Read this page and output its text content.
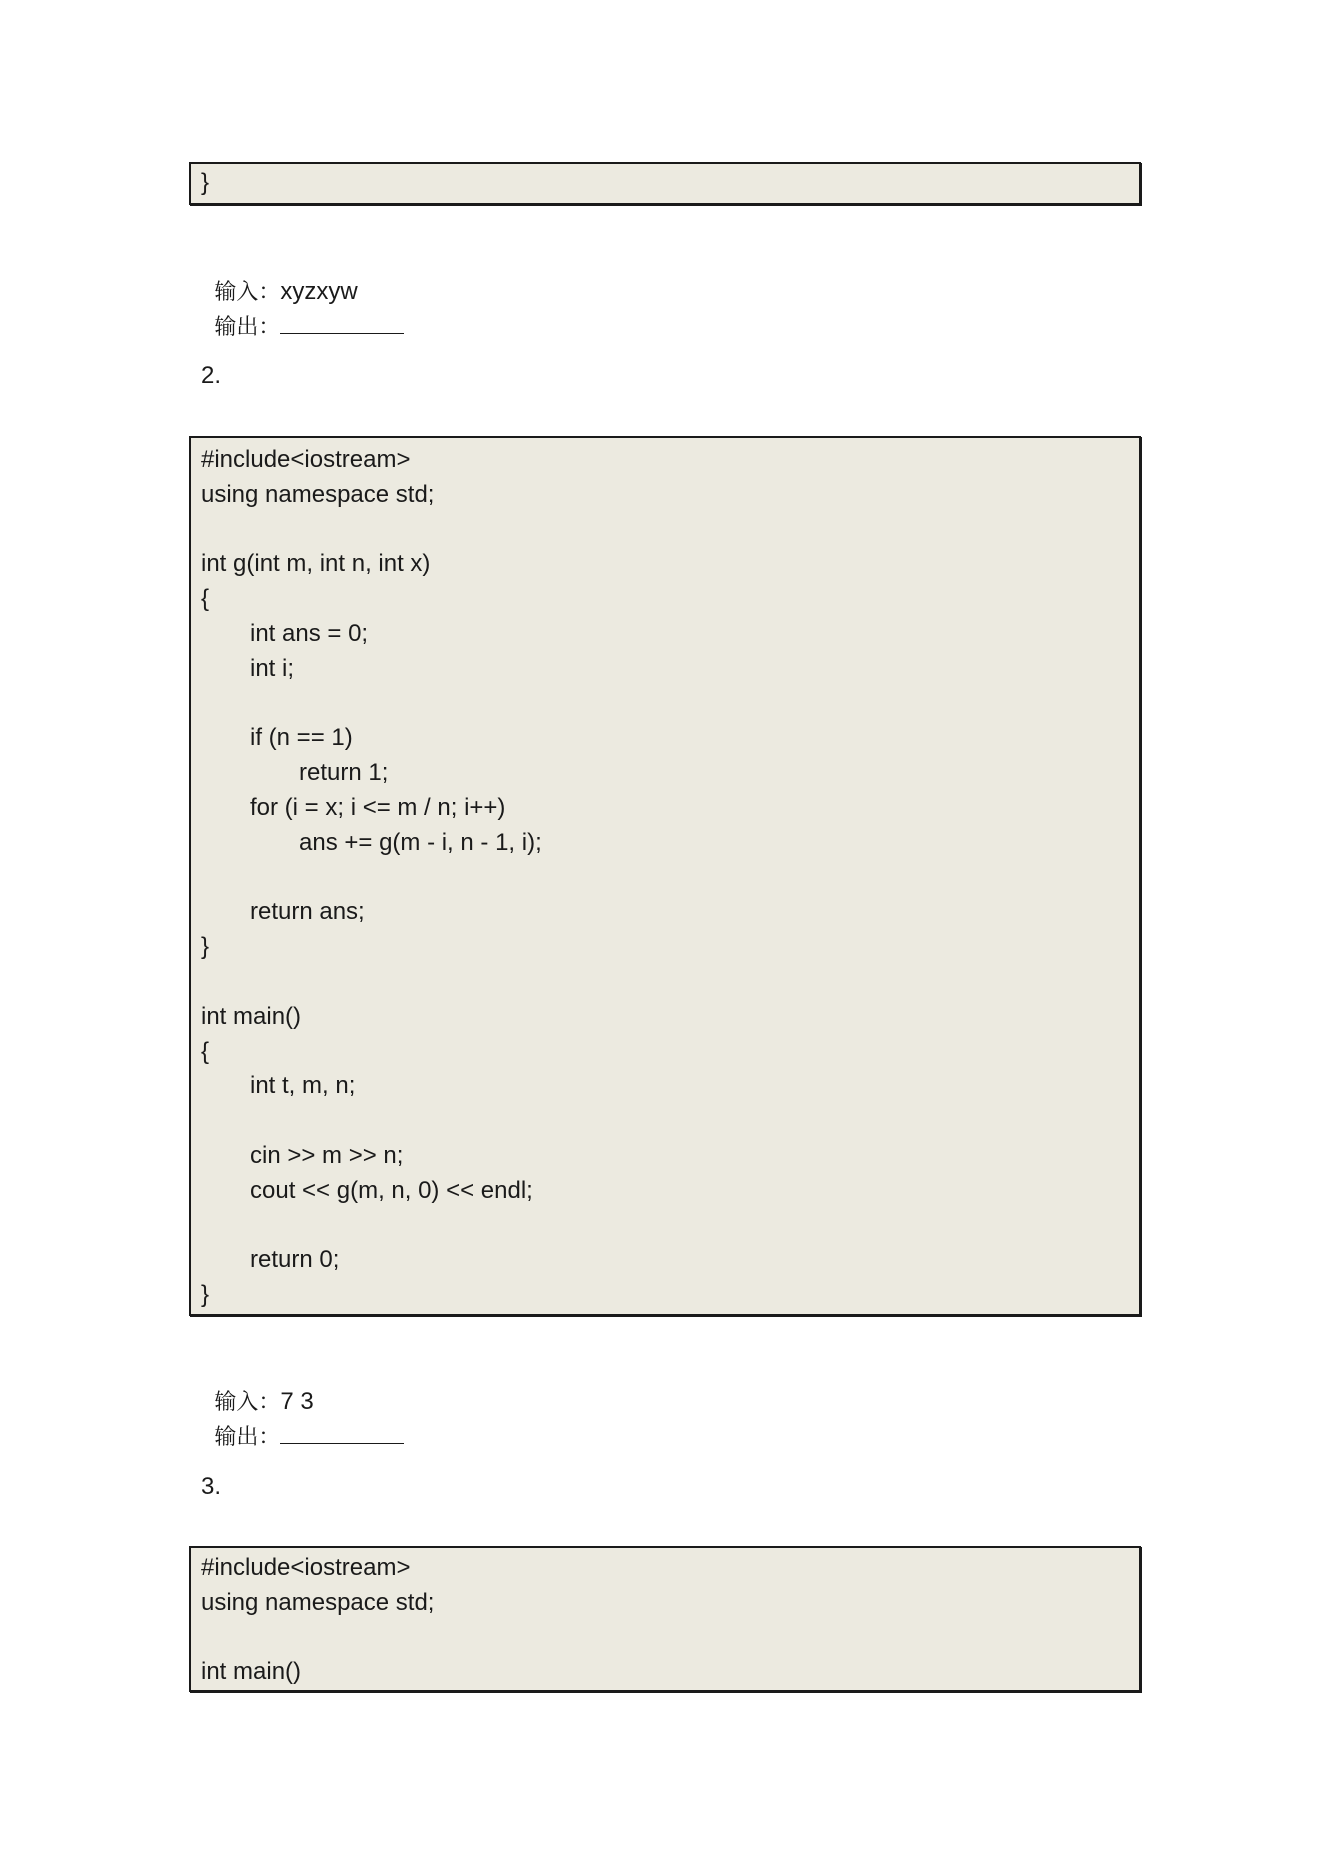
}

输入：xyzxyw

输出：

2.
#include<iostream>
using namespace std;
int g(int m, int n, int x)
{
int ans = 0;
int i;
if (n == 1)
return 1;
for (i = x; i <= m / n; i++)
ans += g(m - i, n - 1, i);
return ans;
}
int main()
{
int t, m, n;
cin >> m >> n;
cout << g(m, n, 0) << endl;
return 0;
}

输入：7 3

输出：

3.
#include<iostream>
using namespace std;
int main()
